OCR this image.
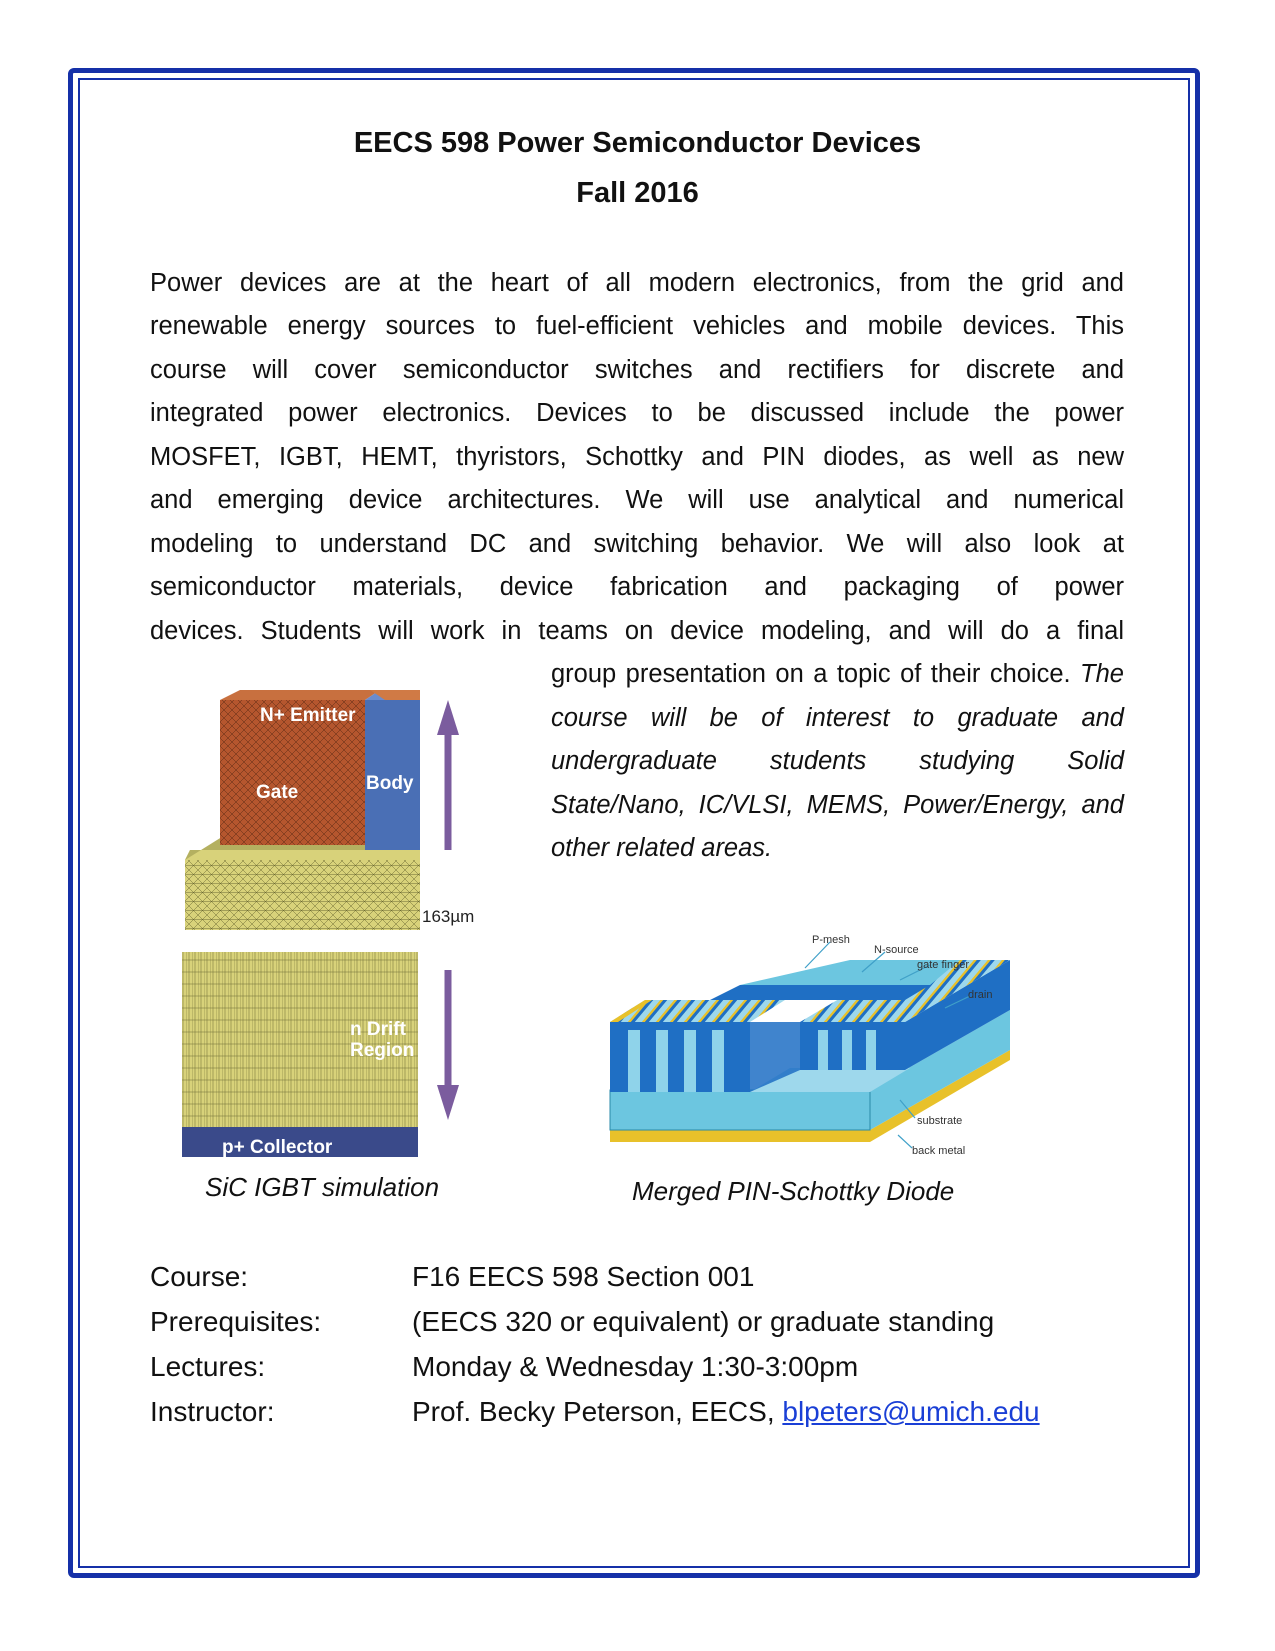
EECS 598 Power Semiconductor Devices
Fall 2016

Power devices are at the heart of all modern electronics, from the grid and

renewable energy sources to fuel-efficient vehicles and mobile devices. This

course will cover semiconductor switches and rectifiers for discrete and

integrated power electronics. Devices to be discussed include the power

MOSFET, IGBT, HEMT, thyristors, Schottky and PIN diodes, as well as new

and emerging device architectures. We will use analytical and numerical

modeling to understand DC and switching behavior. We will also look at

semiconductor materials, device fabrication and packaging of power

devices. Students will work in teams on device modeling, and will do a final

group presentation on a topic of their choice. The course will be of interest to graduate and undergraduate students studying Solid State/Nano, IC/VLSI, MEMS, Power/Energy, and other related areas.

N+ Emitter
Gate	Body
163µm
n Drift
Region
p+ Collector
SiC IGBT simulation
P-mesh
N-source
gate finger
drain
substrate
back metal
Merged PIN-Schottky Diode
Course:	F16 EECS 598 Section 001
Prerequisites:	(EECS 320 or equivalent) or graduate standing
Lectures:	Monday & Wednesday 1:30-3:00pm
Instructor:	Prof. Becky Peterson, EECS, blpeters@umich.edu
